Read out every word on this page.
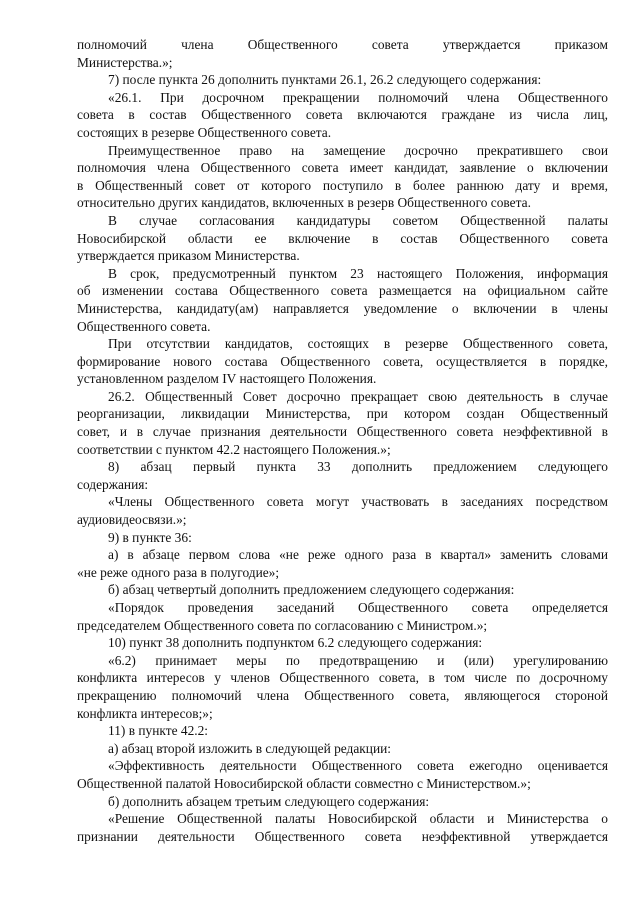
полномочий члена Общественного совета утверждается приказом
Министерства.»;
7) после пункта 26 дополнить пунктами 26.1, 26.2 следующего содержания:
«26.1. При досрочном прекращении полномочий члена Общественного
совета в состав Общественного совета включаются граждане из числа лиц,
состоящих в резерве Общественного совета.
Преимущественное право на замещение досрочно прекратившего свои
полномочия члена Общественного совета имеет кандидат, заявление о включении
в Общественный совет от которого поступило в более раннюю дату и время,
относительно других кандидатов, включенных в резерв Общественного совета.
В случае согласования кандидатуры советом Общественной палаты
Новосибирской области ее включение в состав Общественного совета
утверждается приказом Министерства.
В срок, предусмотренный пунктом 23 настоящего Положения, информация
об изменении состава Общественного совета размещается на официальном сайте
Министерства, кандидату(ам) направляется уведомление о включении в члены
Общественного совета.
При отсутствии кандидатов, состоящих в резерве Общественного совета,
формирование нового состава Общественного совета, осуществляется в порядке,
установленном разделом IV настоящего Положения.
26.2. Общественный Совет досрочно прекращает свою деятельность в случае
реорганизации, ликвидации Министерства, при котором создан Общественный
совет, и в случае признания деятельности Общественного совета неэффективной в
соответствии с пунктом 42.2 настоящего Положения.»;
8) абзац первый пункта 33 дополнить предложением следующего
содержания:
«Члены Общественного совета могут участвовать в заседаниях посредством
аудиовидеосвязи.»;
9) в пункте 36:
а) в абзаце первом слова «не реже одного раза в квартал» заменить словами
«не реже одного раза в полугодие»;
б) абзац четвертый дополнить предложением следующего содержания:
«Порядок проведения заседаний Общественного совета определяется
председателем Общественного совета по согласованию с Министром.»;
10) пункт 38 дополнить подпунктом 6.2 следующего содержания:
«6.2) принимает меры по предотвращению и (или) урегулированию
конфликта интересов у членов Общественного совета, в том числе по досрочному
прекращению полномочий члена Общественного совета, являющегося стороной
конфликта интересов;»;
11) в пункте 42.2:
а) абзац второй изложить в следующей редакции:
«Эффективность деятельности Общественного совета ежегодно оценивается
Общественной палатой Новосибирской области совместно с Министерством.»;
б) дополнить абзацем третьим следующего содержания:
«Решение Общественной палаты Новосибирской области и Министерства о
признании деятельности Общественного совета неэффективной утверждается
